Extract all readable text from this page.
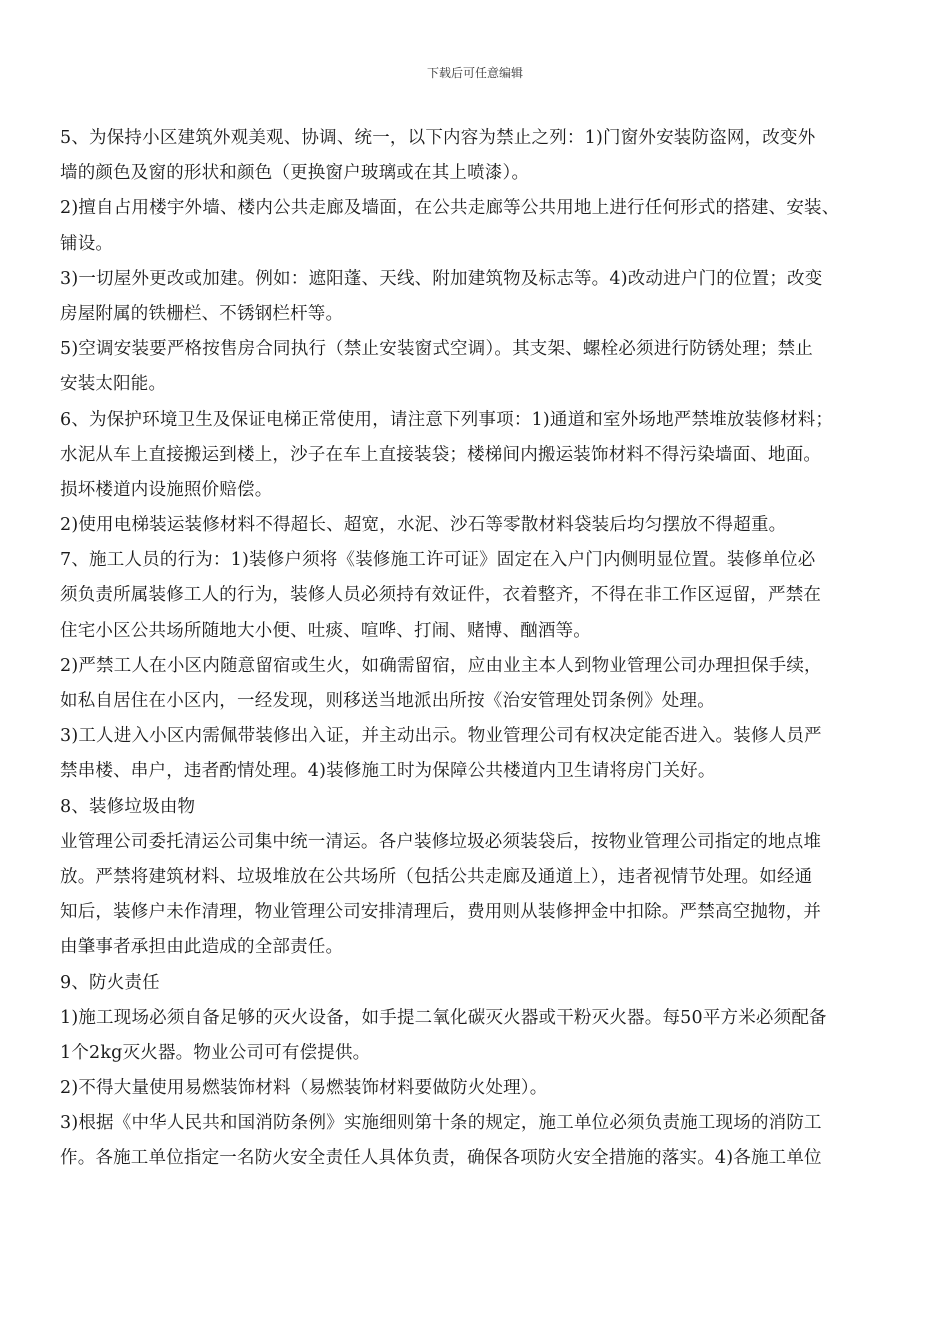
下载后可任意编辑

5、为保持小区建筑外观美观、协调、统一，以下内容为禁止之列：1)门窗外安装防盗网，改变外
墙的颜色及窗的形状和颜色（更换窗户玻璃或在其上喷漆）。

2)擅自占用楼宇外墙、楼内公共走廊及墙面，在公共走廊等公共用地上进行任何形式的搭建、安装、
铺设。

3)一切屋外更改或加建。例如：遮阳蓬、天线、附加建筑物及标志等。4)改动进户门的位置；改变
房屋附属的铁栅栏、不锈钢栏杆等。

5)空调安装要严格按售房合同执行（禁止安装窗式空调）。其支架、螺栓必须进行防锈处理；禁止
安装太阳能。

6、为保护环境卫生及保证电梯正常使用，请注意下列事项：1)通道和室外场地严禁堆放装修材料；
水泥从车上直接搬运到楼上，沙子在车上直接装袋；楼梯间内搬运装饰材料不得污染墙面、地面。
损坏楼道内设施照价赔偿。

2)使用电梯装运装修材料不得超长、超宽，水泥、沙石等零散材料袋装后均匀摆放不得超重。

7、施工人员的行为：1)装修户须将《装修施工许可证》固定在入户门内侧明显位置。装修单位必
须负责所属装修工人的行为，装修人员必须持有效证件，衣着整齐，不得在非工作区逗留，严禁在
住宅小区公共场所随地大小便、吐痰、喧哗、打闹、赌博、酗酒等。

2)严禁工人在小区内随意留宿或生火，如确需留宿，应由业主本人到物业管理公司办理担保手续，
如私自居住在小区内，一经发现，则移送当地派出所按《治安管理处罚条例》处理。

3)工人进入小区内需佩带装修出入证，并主动出示。物业管理公司有权决定能否进入。装修人员严
禁串楼、串户，违者酌情处理。4)装修施工时为保障公共楼道内卫生请将房门关好。

8、装修垃圾由物

业管理公司委托清运公司集中统一清运。各户装修垃圾必须装袋后，按物业管理公司指定的地点堆
放。严禁将建筑材料、垃圾堆放在公共场所（包括公共走廊及通道上），违者视情节处理。如经通
知后，装修户未作清理，物业管理公司安排清理后，费用则从装修押金中扣除。严禁高空抛物，并
由肇事者承担由此造成的全部责任。

9、防火责任

1)施工现场必须自备足够的灭火设备，如手提二氧化碳灭火器或干粉灭火器。每50平方米必须配备
1个2kg灭火器。物业公司可有偿提供。

2)不得大量使用易燃装饰材料（易燃装饰材料要做防火处理）。

3)根据《中华人民共和国消防条例》实施细则第十条的规定，施工单位必须负责施工现场的消防工
作。各施工单位指定一名防火安全责任人具体负责，确保各项防火安全措施的落实。4)各施工单位
